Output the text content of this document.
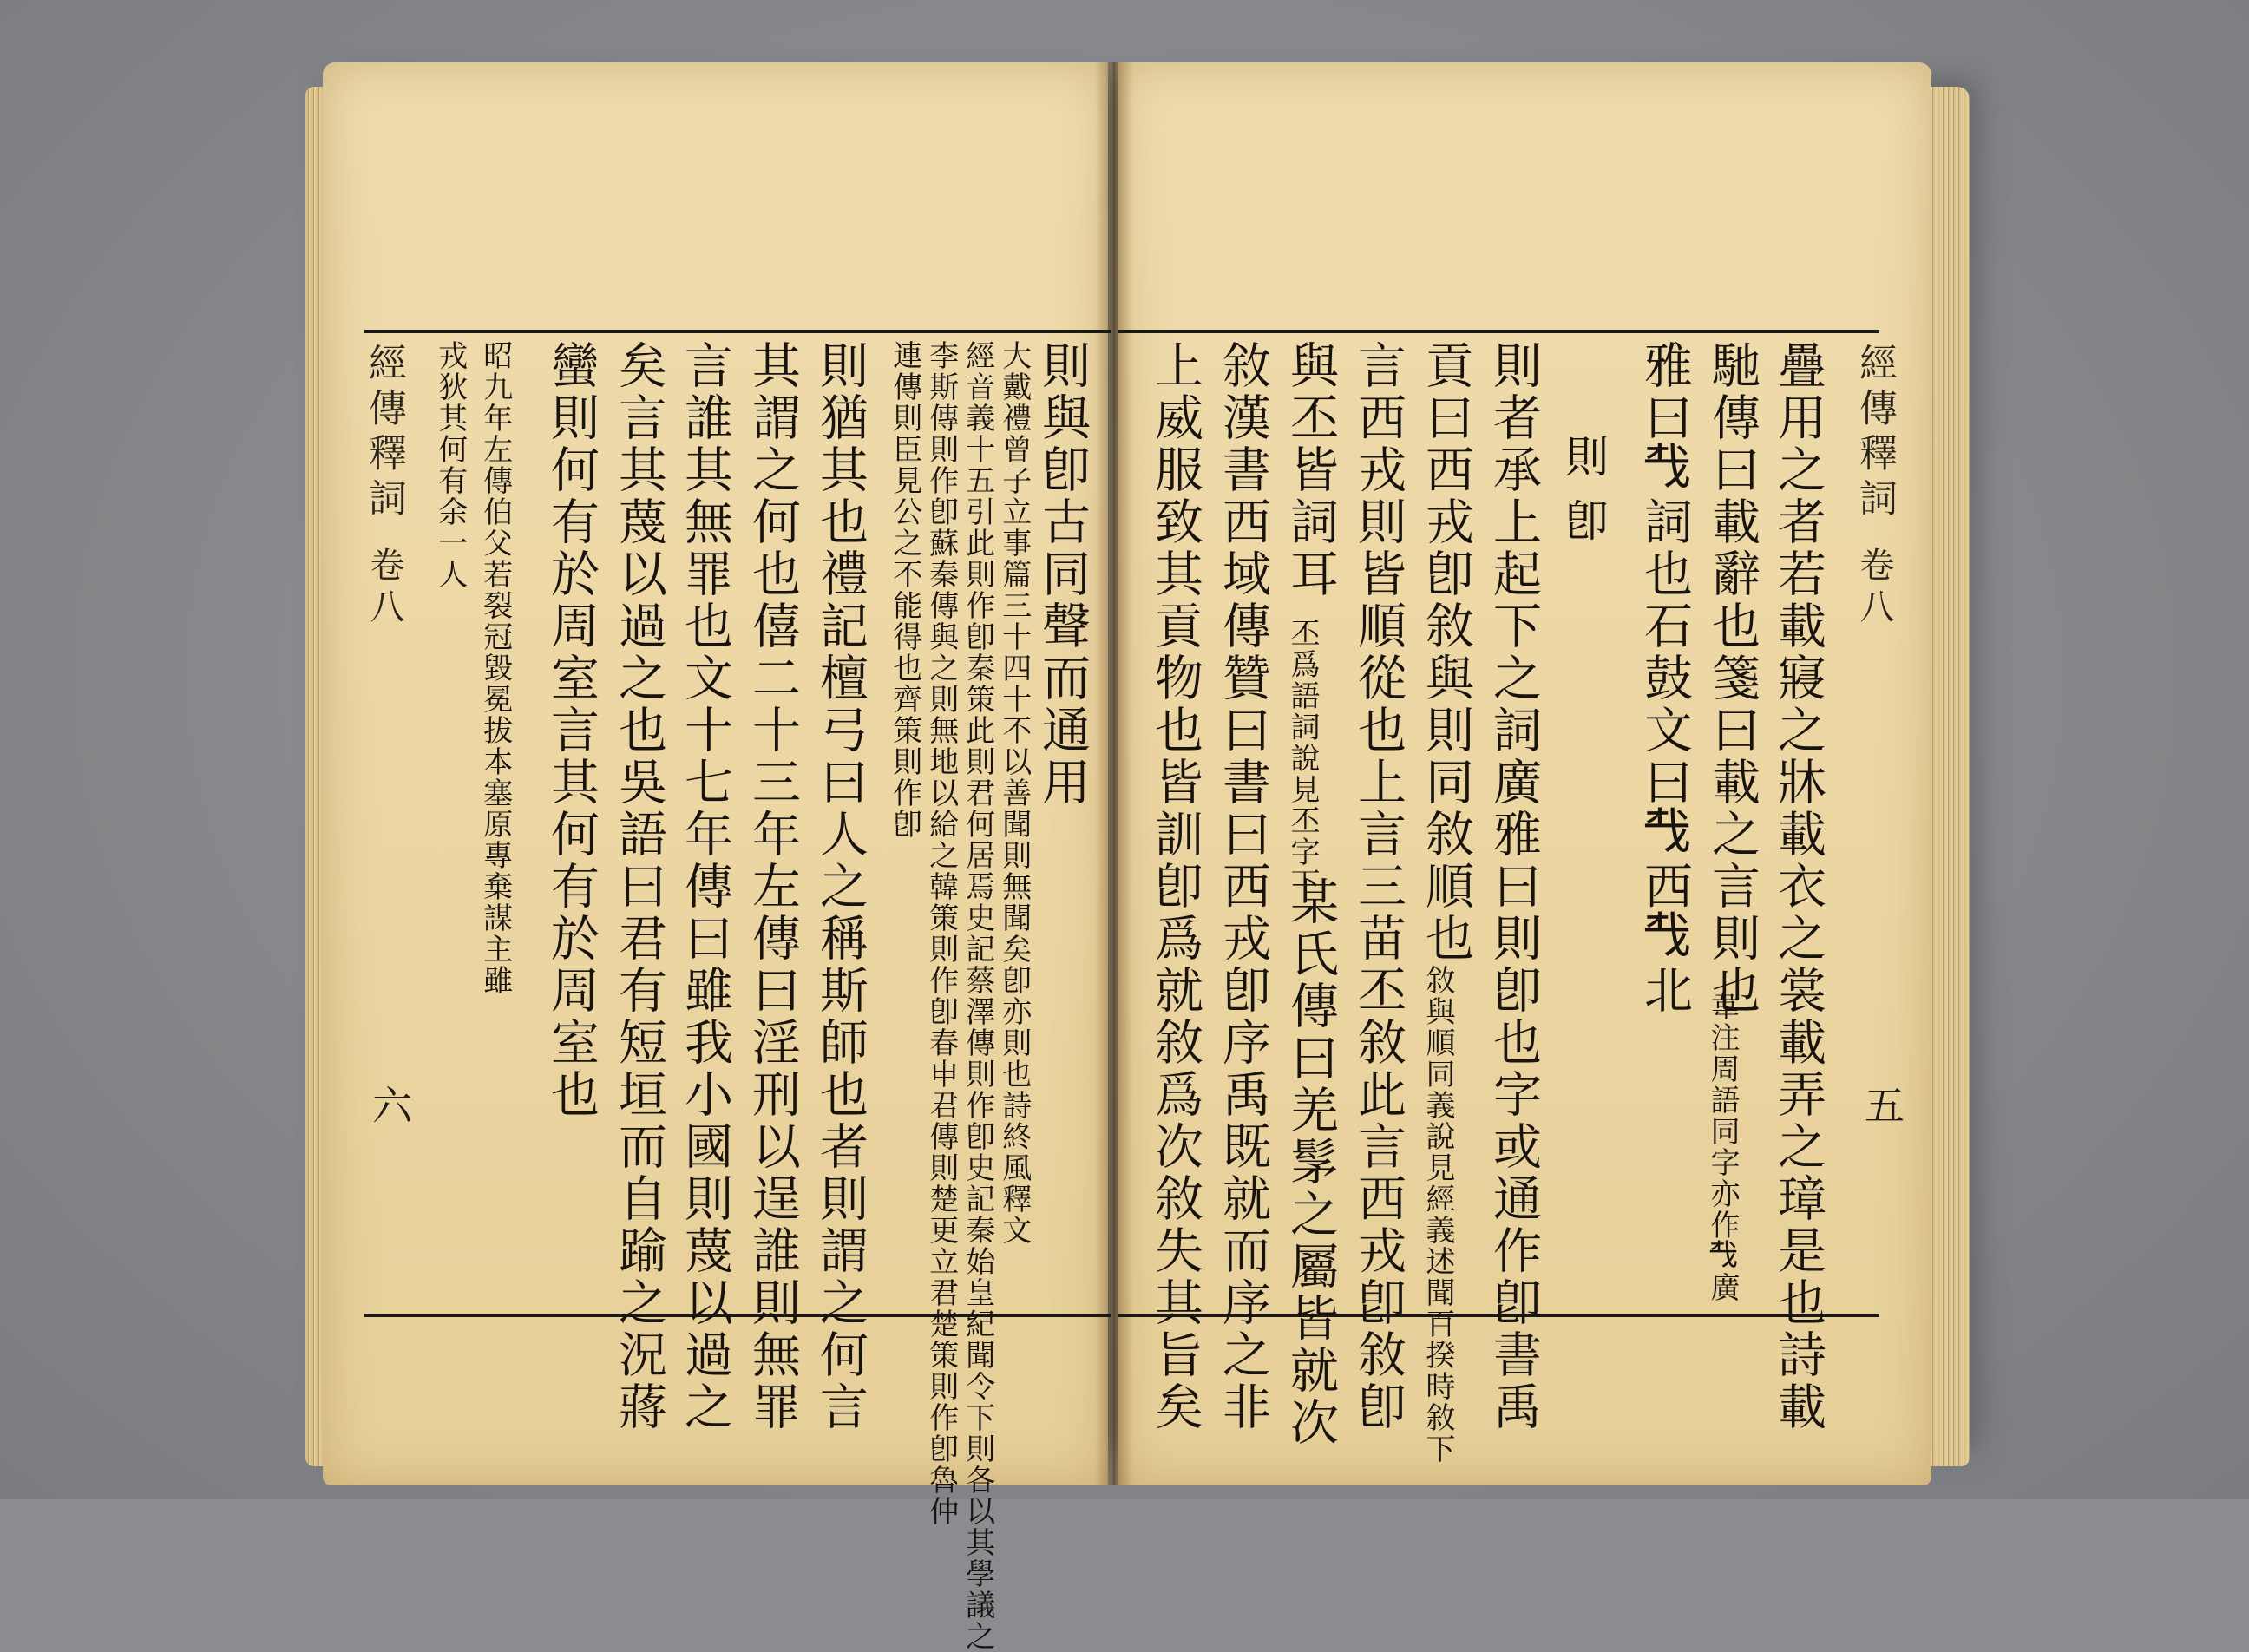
經傳釋詞
卷八
六
經傳釋詞
卷八
五
則與卽古同聲而通用
大戴禮曾子立事篇三十四十不以善聞則無聞矣卽亦則也詩終風釋文
經音義十五引此則作卽秦策此則君何居焉史記蔡澤傳則作卽史記秦始皇紀聞令下則各以其學議之
李斯傳則作卽蘇秦傳與之則無地以給之韓策則作卽春申君傳則楚更立君楚策則作卽魯仲
連傳則臣見公之不能得也齊策則作卽
則猶其也禮記檀弓曰人之稱斯師也者則謂之何言
其謂之何也僖二十三年左傳曰淫刑以逞誰則無罪
言誰其無罪也文十七年傳曰雖我小國則蔑以過之
矣言其蔑以過之也吳語曰君有短垣而自踰之況蔣
蠻則何有於周室言其何有於周室也
昭九年左傳伯父若裂冠毀冕拔本塞原專棄謀主雖
戎狄其何有余一人	疊用之者若載寢之牀載衣之裳載弄之璋是也詩載
馳傳曰載辭也箋曰載之言則也
韋注周語同字亦作𢦔廣
雅曰𢦔詞也石鼓文曰𢦔西𢦔北
則卽
則者承上起下之詞廣雅曰則卽也字或通作卽書禹
貢曰西戎卽敘與則同敘順也
敘與順同義說見經義述聞百揆時敘下
言西戎則皆順從也上言三苗丕敘此言西戎卽敘卽
與丕皆詞耳
丕爲語詞說見丕字下
某氏傳曰羌髳之屬皆就次
敘漢書西域傳贊曰書曰西戎卽序禹既就而序之非
上威服致其貢物也皆訓卽爲就敘爲次敘失其旨矣
